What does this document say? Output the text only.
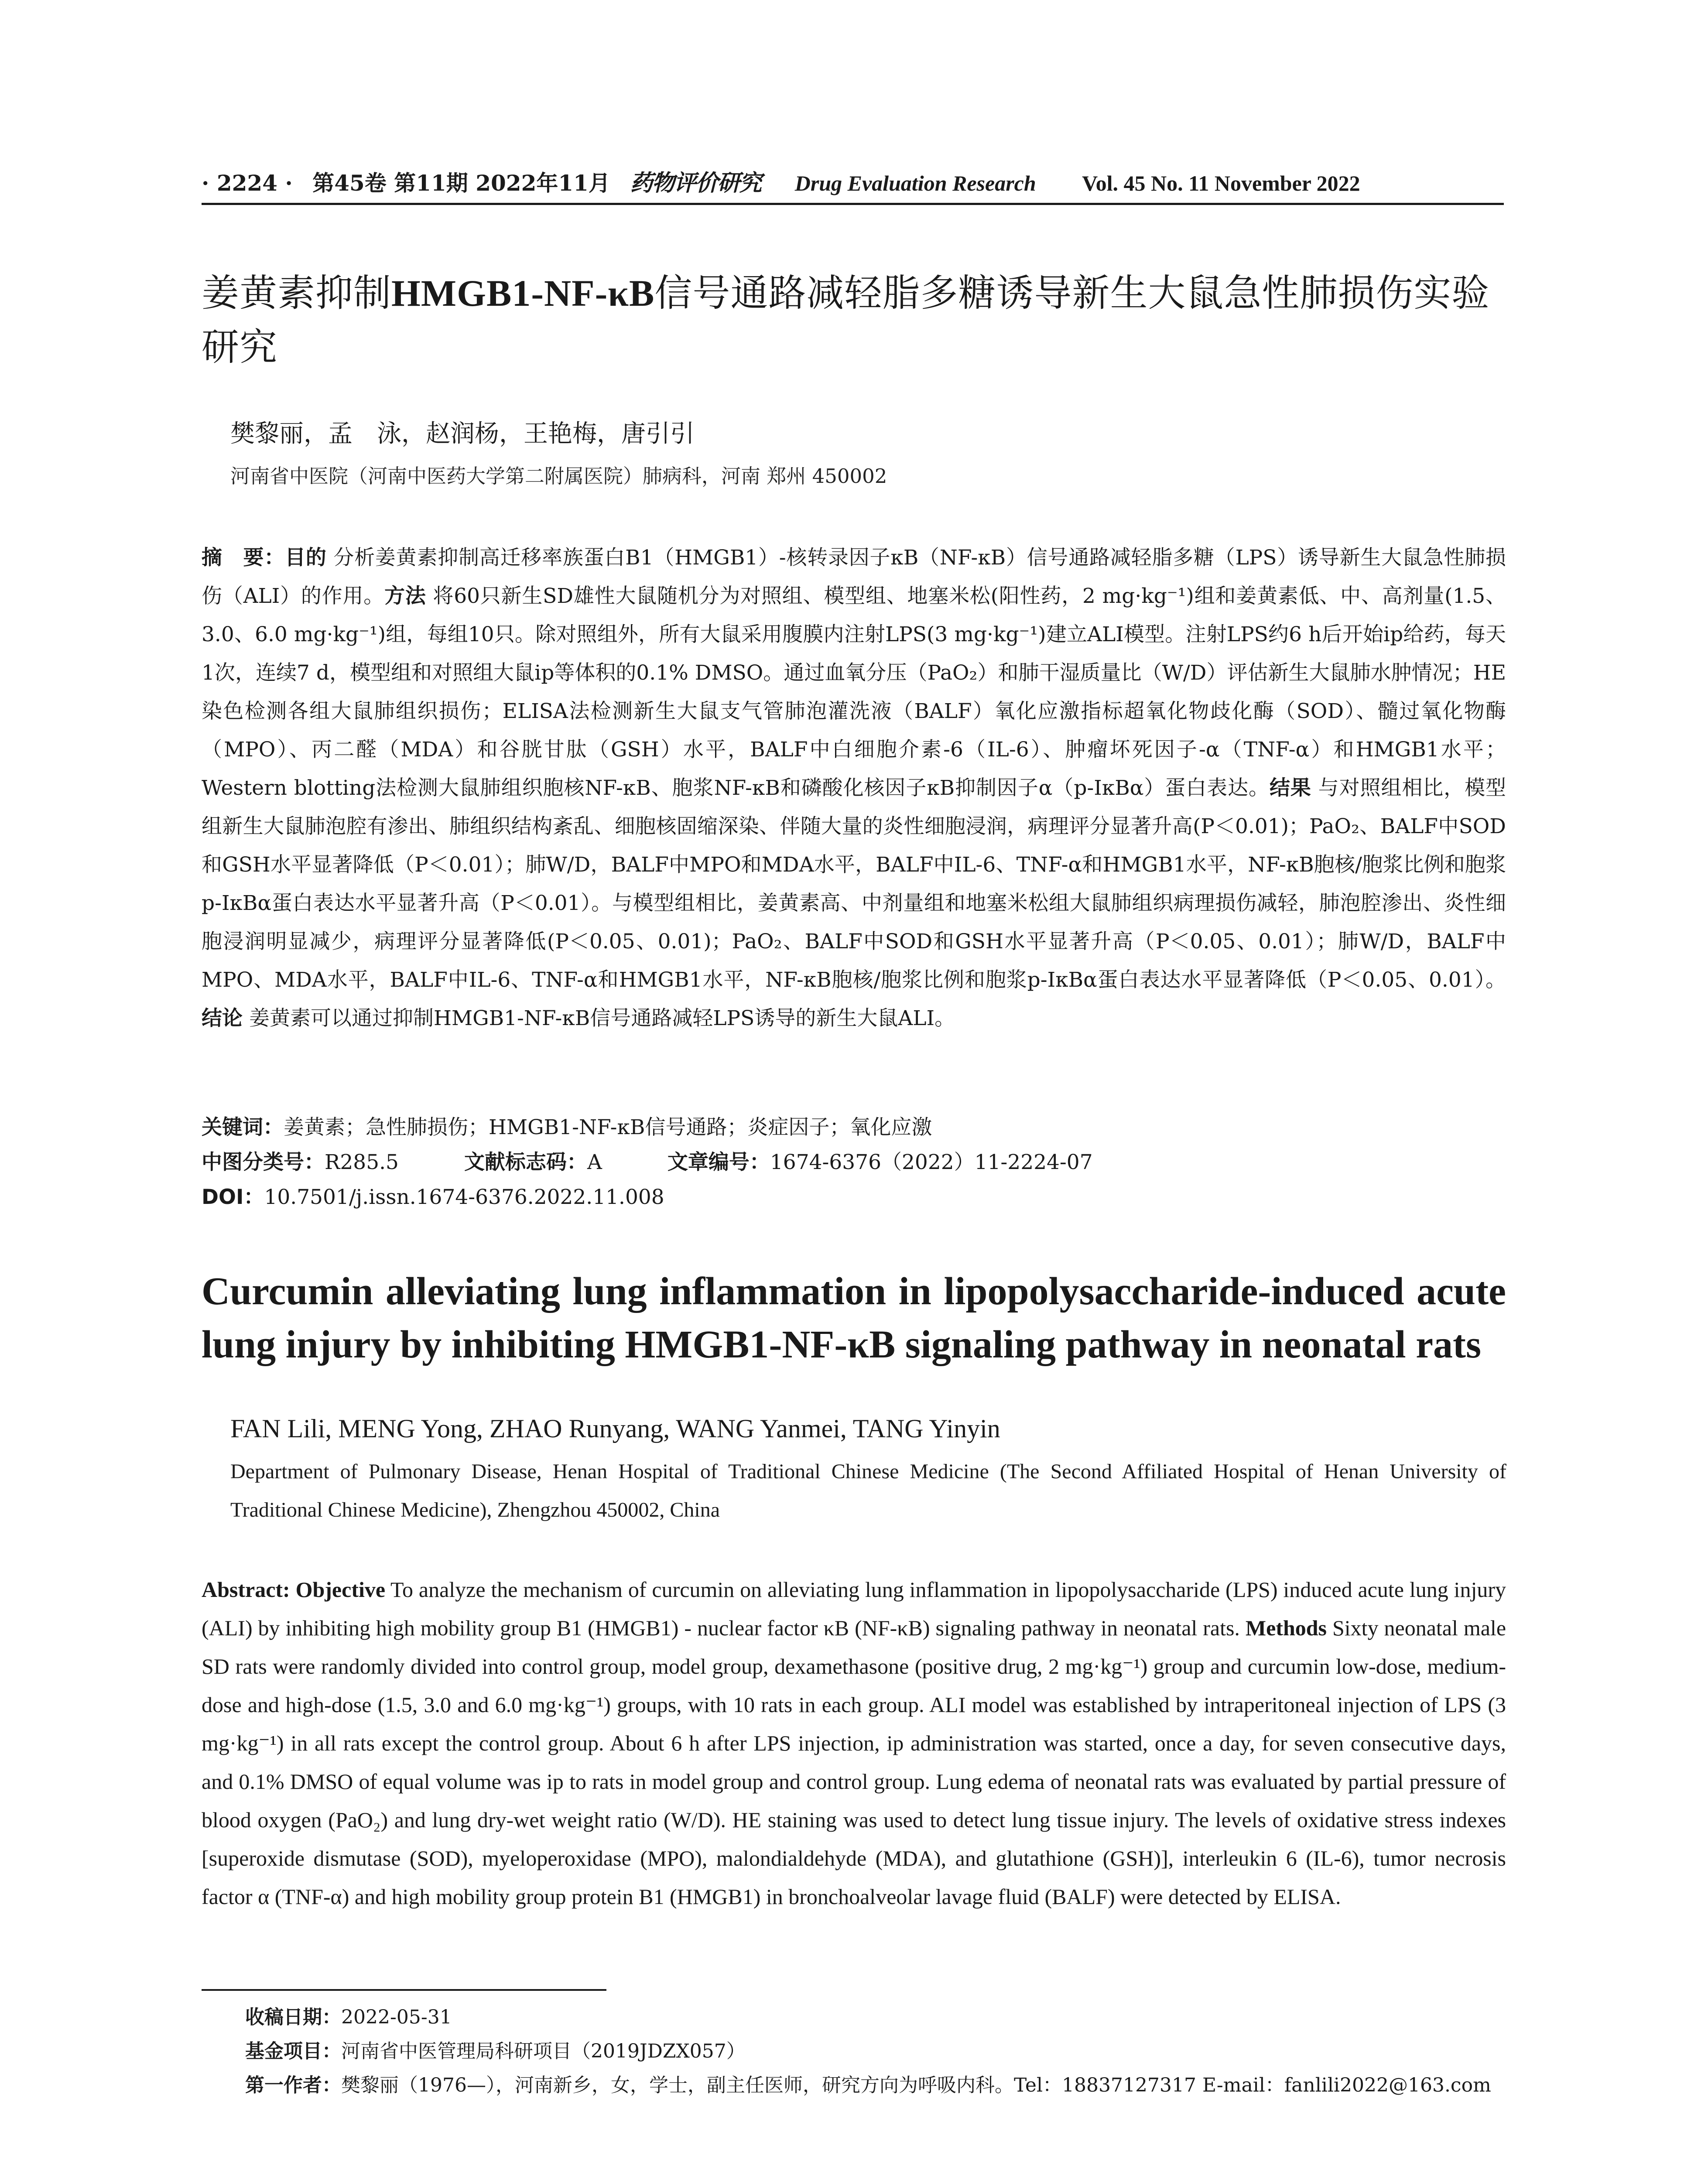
· 2224 · 第45卷 第11期 2022年11月 药物评价研究 Drug Evaluation Research Vol. 45 No. 11 November 2022
姜黄素抑制HMGB1-NF-κB信号通路减轻脂多糖诱导新生大鼠急性肺损伤实验研究
樊黎丽，孟　泳，赵润杨，王艳梅，唐引引
河南省中医院（河南中医药大学第二附属医院）肺病科，河南 郑州 450002
摘　要：目的 分析姜黄素抑制高迁移率族蛋白B1（HMGB1）-核转录因子κB（NF-κB）信号通路减轻脂多糖（LPS）诱导新生大鼠急性肺损伤（ALI）的作用。方法 将60只新生SD雄性大鼠随机分为对照组、模型组、地塞米松(阳性药，2 mg·kg⁻¹)组和姜黄素低、中、高剂量(1.5、3.0、6.0 mg·kg⁻¹)组，每组10只。除对照组外，所有大鼠采用腹膜内注射LPS(3 mg·kg⁻¹)建立ALI模型。注射LPS约6 h后开始ip给药，每天1次，连续7 d，模型组和对照组大鼠ip等体积的0.1% DMSO。通过血氧分压（PaO₂）和肺干湿质量比（W/D）评估新生大鼠肺水肿情况；HE染色检测各组大鼠肺组织损伤；ELISA法检测新生大鼠支气管肺泡灌洗液（BALF）氧化应激指标超氧化物歧化酶（SOD）、髓过氧化物酶（MPO）、丙二醛（MDA）和谷胱甘肽（GSH）水平，BALF中白细胞介素-6（IL-6）、肿瘤坏死因子-α（TNF-α）和HMGB1水平；Western blotting法检测大鼠肺组织胞核NF-κB、胞浆NF-κB和磷酸化核因子κB抑制因子α（p-IκBα）蛋白表达。结果 与对照组相比，模型组新生大鼠肺泡腔有渗出、肺组织结构紊乱、细胞核固缩深染、伴随大量的炎性细胞浸润，病理评分显著升高(P＜0.01)；PaO₂、BALF中SOD和GSH水平显著降低（P＜0.01）；肺W/D，BALF中MPO和MDA水平，BALF中IL-6、TNF-α和HMGB1水平，NF-κB胞核/胞浆比例和胞浆p-IκBα蛋白表达水平显著升高（P＜0.01）。与模型组相比，姜黄素高、中剂量组和地塞米松组大鼠肺组织病理损伤减轻，肺泡腔渗出、炎性细胞浸润明显减少，病理评分显著降低(P＜0.05、0.01)；PaO₂、BALF中SOD和GSH水平显著升高（P＜0.05、0.01）；肺W/D，BALF中MPO、MDA水平，BALF中IL-6、TNF-α和HMGB1水平，NF-κB胞核/胞浆比例和胞浆p-IκBα蛋白表达水平显著降低（P＜0.05、0.01）。结论 姜黄素可以通过抑制HMGB1-NF-κB信号通路减轻LPS诱导的新生大鼠ALI。
关键词：姜黄素；急性肺损伤；HMGB1-NF-κB信号通路；炎症因子；氧化应激
中图分类号：R285.5	文献标志码：A	文章编号：1674-6376（2022）11-2224-07
DOI：10.7501/j.issn.1674-6376.2022.11.008
Curcumin alleviating lung inflammation in lipopolysaccharide-induced acute lung injury by inhibiting HMGB1-NF-κB signaling pathway in neonatal rats
FAN Lili, MENG Yong, ZHAO Runyang, WANG Yanmei, TANG Yinyin
Department of Pulmonary Disease, Henan Hospital of Traditional Chinese Medicine (The Second Affiliated Hospital of Henan University of Traditional Chinese Medicine), Zhengzhou 450002, China
Abstract: Objective To analyze the mechanism of curcumin on alleviating lung inflammation in lipopolysaccharide (LPS) induced acute lung injury (ALI) by inhibiting high mobility group B1 (HMGB1) - nuclear factor κB (NF-κB) signaling pathway in neonatal rats. Methods Sixty neonatal male SD rats were randomly divided into control group, model group, dexamethasone (positive drug, 2 mg·kg⁻¹) group and curcumin low-dose, medium-dose and high-dose (1.5, 3.0 and 6.0 mg·kg⁻¹) groups, with 10 rats in each group. ALI model was established by intraperitoneal injection of LPS (3 mg·kg⁻¹) in all rats except the control group. About 6 h after LPS injection, ip administration was started, once a day, for seven consecutive days, and 0.1% DMSO of equal volume was ip to rats in model group and control group. Lung edema of neonatal rats was evaluated by partial pressure of blood oxygen (PaO₂) and lung dry-wet weight ratio (W/D). HE staining was used to detect lung tissue injury. The levels of oxidative stress indexes [superoxide dismutase (SOD), myeloperoxidase (MPO), malondialdehyde (MDA), and glutathione (GSH)], interleukin 6 (IL-6), tumor necrosis factor α (TNF-α) and high mobility group protein B1 (HMGB1) in bronchoalveolar lavage fluid (BALF) were detected by ELISA.
收稿日期：2022-05-31
基金项目：河南省中医管理局科研项目（2019JDZX057）
第一作者：樊黎丽（1976—），河南新乡，女，学士，副主任医师，研究方向为呼吸内科。Tel：18837127317 E-mail：fanlili2022@163.com
